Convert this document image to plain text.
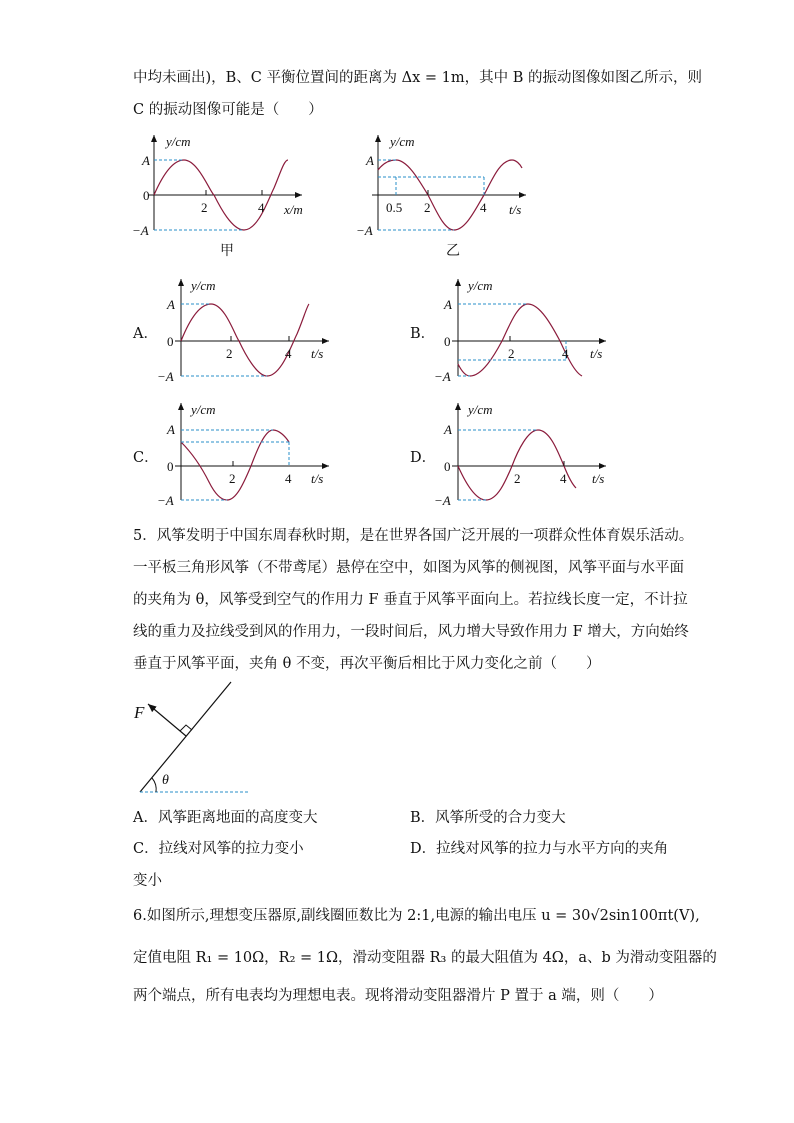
中均未画出)，B、C 平衡位置间的距离为 Δx = 1m，其中 B 的振动图像如图乙所示，则
C 的振动图像可能是（　　）
y/cm
A
0
−A
2	4 x/m
甲
y/cm
A
−A
0.5 2	4 t/s
乙
A．
y/cm
A
0
−A
2	4 t/s
B．
y/cm
A
0
−A
2	4 t/s
C．
y/cm
A
0
−A
2	4 t/s
D．
y/cm
A
0
−A
2	4 t/s
5．风筝发明于中国东周春秋时期，是在世界各国广泛开展的一项群众性体育娱乐活动。
一平板三角形风筝（不带鸢尾）悬停在空中，如图为风筝的侧视图，风筝平面与水平面
的夹角为 θ，风筝受到空气的作用力 F 垂直于风筝平面向上。若拉线长度一定，不计拉
线的重力及拉线受到风的作用力，一段时间后，风力增大导致作用力 F 增大，方向始终
垂直于风筝平面，夹角 θ 不变，再次平衡后相比于风力变化之前（　　）
F
θ
A．风筝距离地面的高度变大	B．风筝所受的合力变大
C．拉线对风筝的拉力变小	D．拉线对风筝的拉力与水平方向的夹角
变小
6.如图所示,理想变压器原,副线圈匝数比为 2:1,电源的输出电压 u = 30√2sin100πt(V),
定值电阻 R₁ = 10Ω，R₂ = 1Ω，滑动变阻器 R₃ 的最大阻值为 4Ω，a、b 为滑动变阻器的
两个端点，所有电表均为理想电表。现将滑动变阻器滑片 P 置于 a 端，则（　　）
